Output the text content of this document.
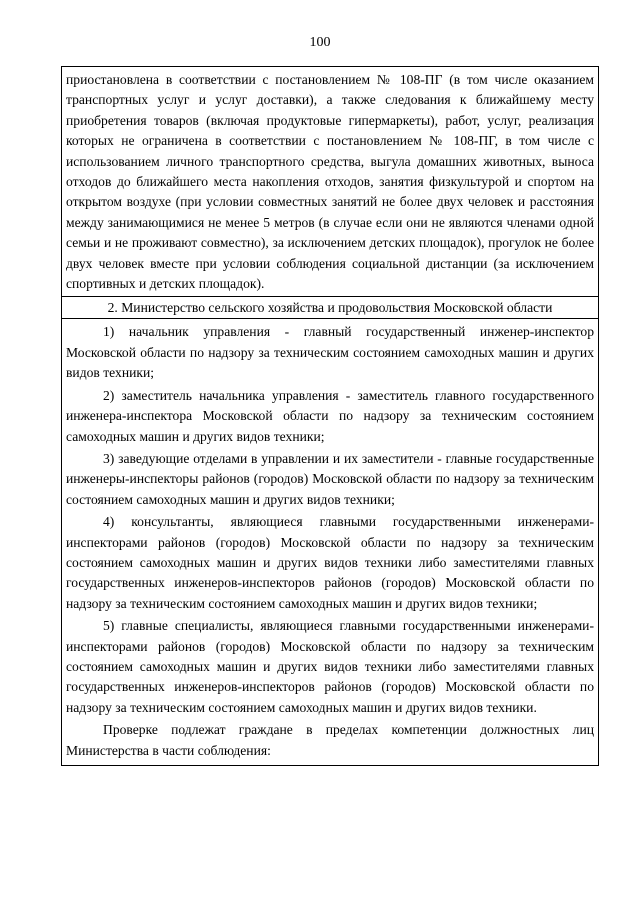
100

приостановлена в соответствии с постановлением № 108-ПГ (в том числе оказанием транспортных услуг и услуг доставки), а также следования к ближайшему месту приобретения товаров (включая продуктовые гипермаркеты), работ, услуг, реализация которых не ограничена в соответствии с постановлением № 108-ПГ, в том числе с использованием личного транспортного средства, выгула домашних животных, выноса отходов до ближайшего места накопления отходов, занятия физкультурой и спортом на открытом воздухе (при условии совместных занятий не более двух человек и расстояния между занимающимися не менее 5 метров (в случае если они не являются членами одной семьи и не проживают совместно), за исключением детских площадок), прогулок не более двух человек вместе при условии соблюдения социальной дистанции (за исключением спортивных и детских площадок).

2. Министерство сельского хозяйства и продовольствия Московской области

1) начальник управления - главный государственный инженер-инспектор Московской области по надзору за техническим состоянием самоходных машин и других видов техники;

2) заместитель начальника управления - заместитель главного государственного инженера-инспектора Московской области по надзору за техническим состоянием самоходных машин и других видов техники;

3) заведующие отделами в управлении и их заместители - главные государственные инженеры-инспекторы районов (городов) Московской области по надзору за техническим состоянием самоходных машин и других видов техники;

4) консультанты, являющиеся главными государственными инженерами-инспекторами районов (городов) Московской области по надзору за техническим состоянием самоходных машин и других видов техники либо заместителями главных государственных инженеров-инспекторов районов (городов) Московской области по надзору за техническим состоянием самоходных машин и других видов техники;

5) главные специалисты, являющиеся главными государственными инженерами-инспекторами районов (городов) Московской области по надзору за техническим состоянием самоходных машин и других видов техники либо заместителями главных государственных инженеров-инспекторов районов (городов) Московской области по надзору за техническим состоянием самоходных машин и других видов техники.

Проверке подлежат граждане в пределах компетенции должностных лиц Министерства в части соблюдения:
